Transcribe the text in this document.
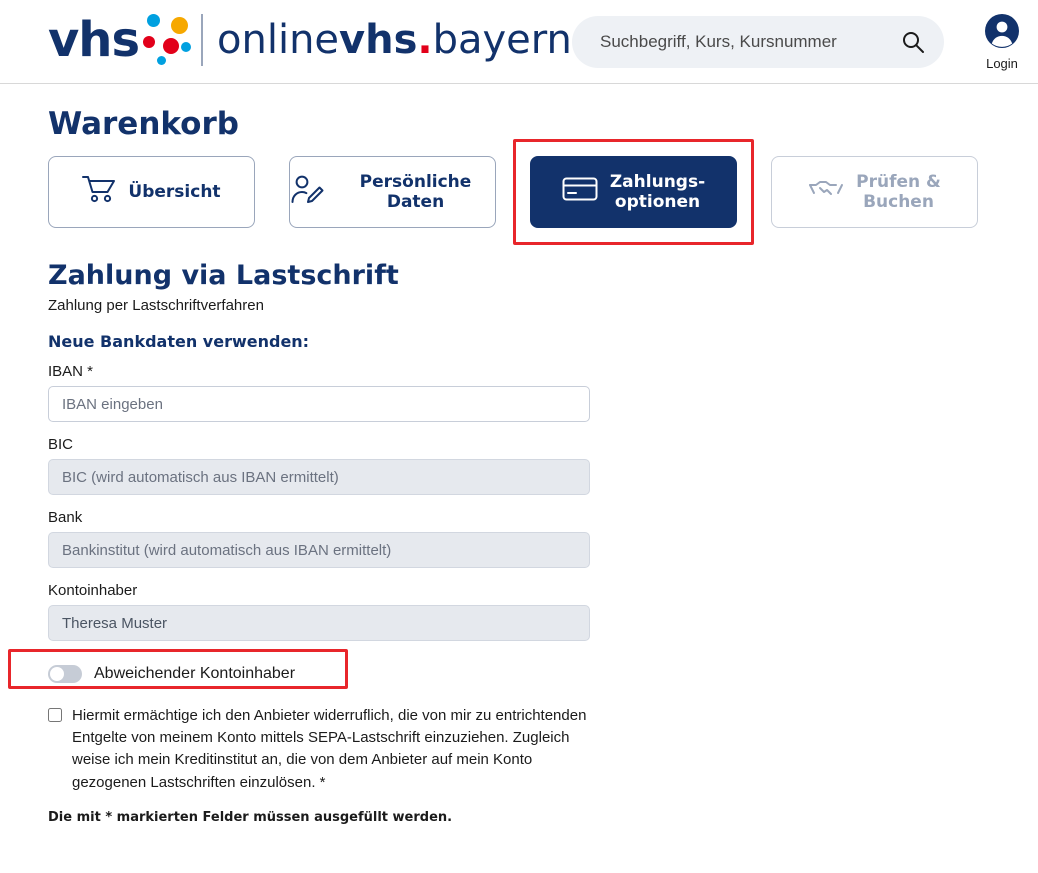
vhs onlinevhs.bayern
Suchbegriff, Kurs, Kursnummer
Login
Warenkorb
Übersicht
Persönliche Daten
Zahlungs-
optionen
Prüfen &
Buchen
Zahlung via Lastschrift
Zahlung per Lastschriftverfahren
Neue Bankdaten verwenden:
IBAN *
IBAN eingeben
BIC
BIC (wird automatisch aus IBAN ermittelt)
Bank
Bankinstitut (wird automatisch aus IBAN ermittelt)
Kontoinhaber
Theresa Muster
Abweichender Kontoinhaber

Hiermit ermächtige ich den Anbieter widerruflich, die von mir zu entrichtenden Entgelte von meinem Konto mittels SEPA-Lastschrift einzuziehen. Zugleich weise ich mein Kreditinstitut an, die von dem Anbieter auf mein Konto gezogenen Lastschriften einzulösen. *

Die mit * markierten Felder müssen ausgefüllt werden.
